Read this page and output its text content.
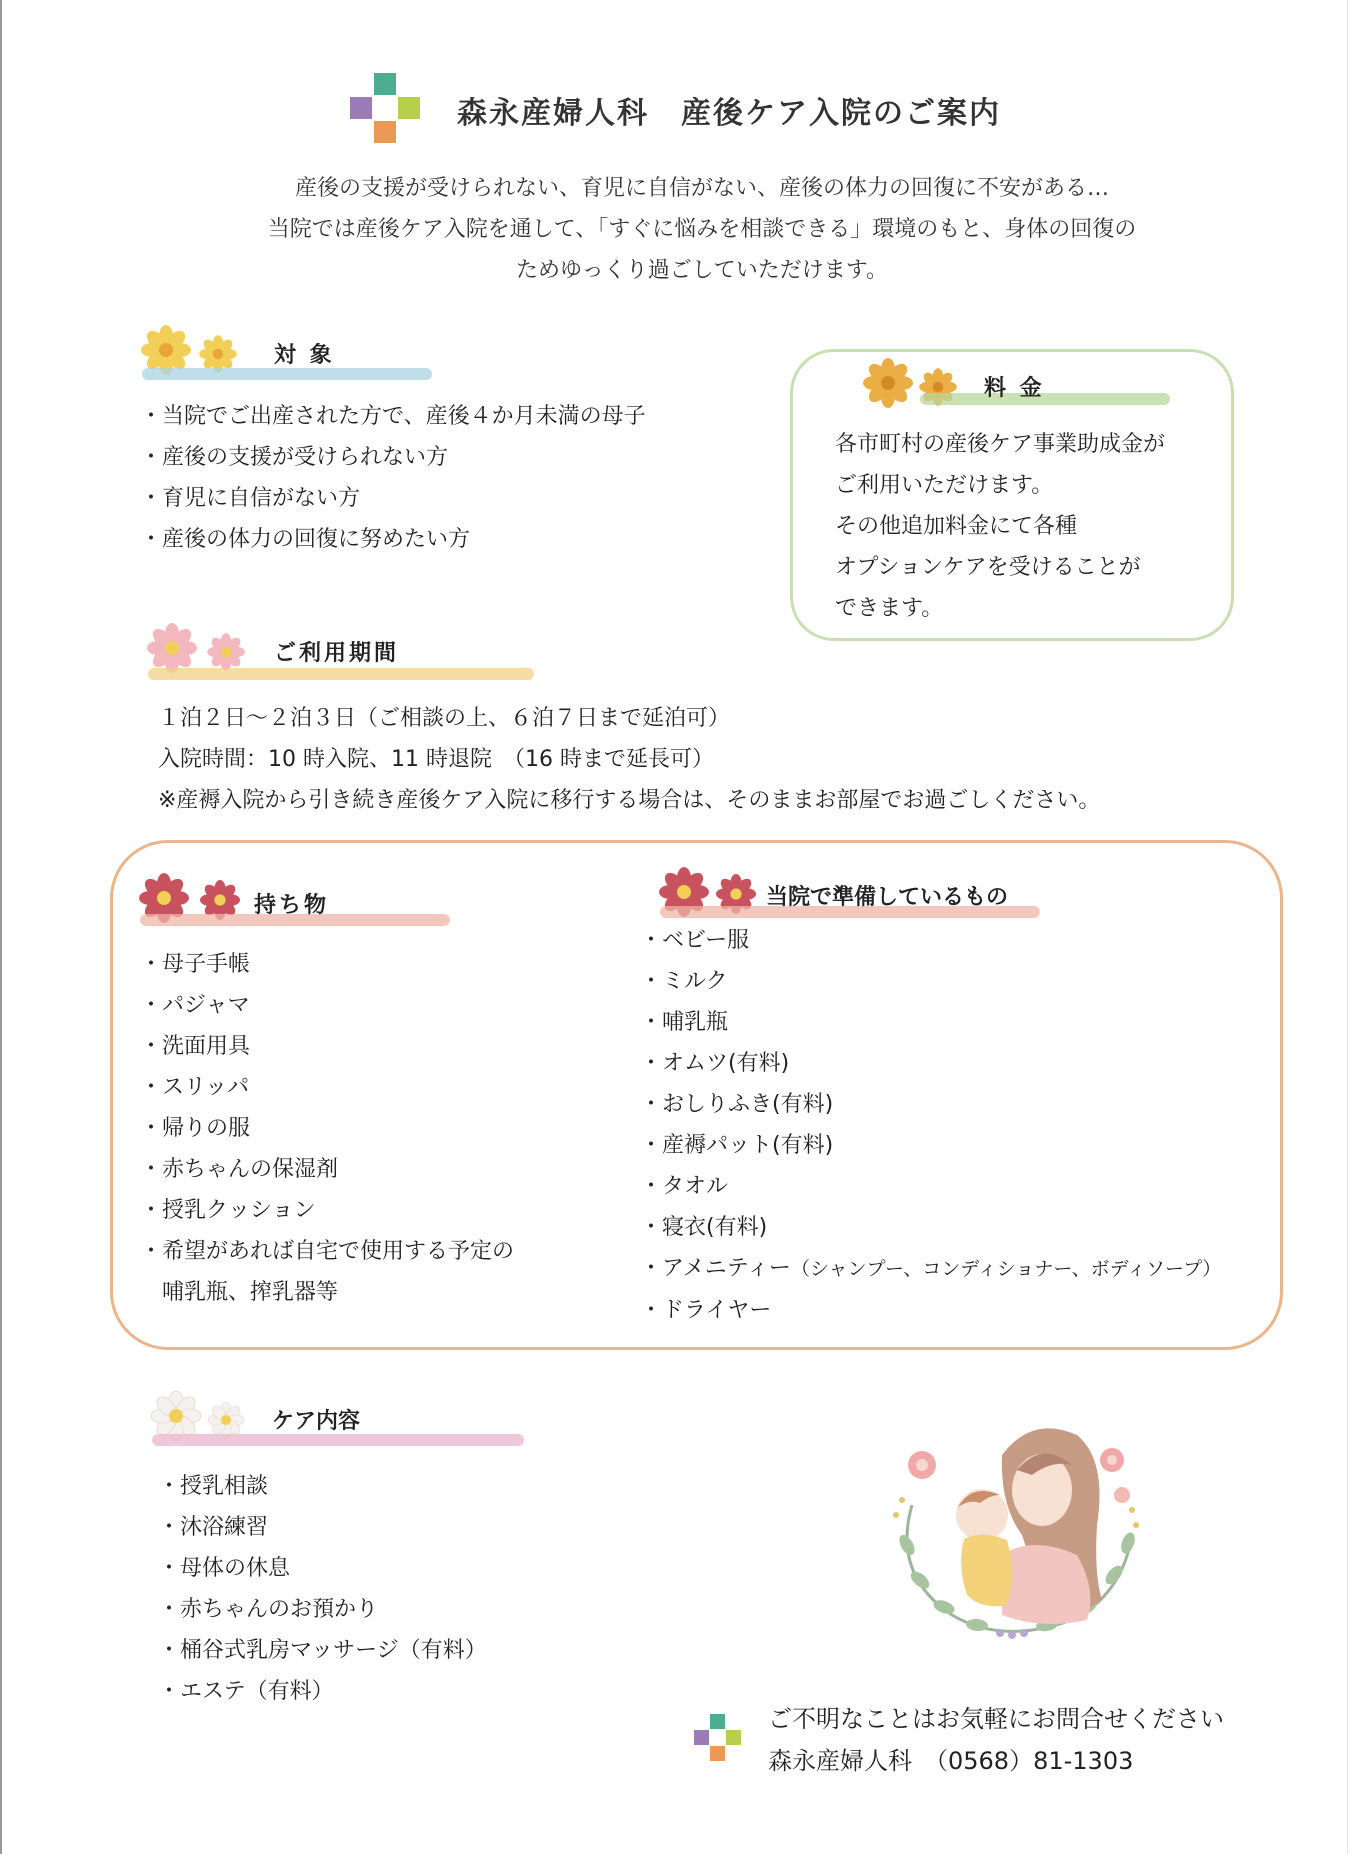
森永産婦人科　産後ケア入院のご案内
産後の支援が受けられない、育児に自信がない、産後の体力の回復に不安がある…
当院では産後ケア入院を通して、「すぐに悩みを相談できる」環境のもと、身体の回復の
ためゆっくり過ごしていただけます。
対 象
・ 当院でご出産された方で、産後４か月未満の母子
・ 産後の支援が受けられない方
・ 育児に自信がない方
・ 産後の体力の回復に努めたい方
料 金
各市町村の産後ケア事業助成金が
ご利用いただけます。
その他追加料金にて各種
オプションケアを受けることが
できます。
ご利用期間
１泊２日～２泊３日（ご相談の上、６泊７日まで延泊可）
入院時間：10 時入院、11 時退院　（16 時まで延長可）
※産褥入院から引き続き産後ケア入院に移行する場合は、そのままお部屋でお過ごしください。
持ち物
・ 母子手帳
・ パジャマ
・ 洗面用具
・ スリッパ
・ 帰りの服
・ 赤ちゃんの保湿剤
・ 授乳クッション
・ 希望があれば自宅で使用する予定の
哺乳瓶、搾乳器等
当院で準備しているもの
・ ベビー服
・ ミルク
・ 哺乳瓶
・ オムツ(有料)
・ おしりふき(有料)
・ 産褥パット(有料)
・ タオル
・ 寝衣(有料)
・ アメニティー（シャンプー、コンディショナー、ボディソープ）
・ ドライヤー
ケア内容
・ 授乳相談
・ 沐浴練習
・ 母体の休息
・ 赤ちゃんのお預かり
・ 桶谷式乳房マッサージ（有料）
・ エステ（有料）
ご不明なことはお気軽にお問合せください
森永産婦人科　（0568）81-1303
